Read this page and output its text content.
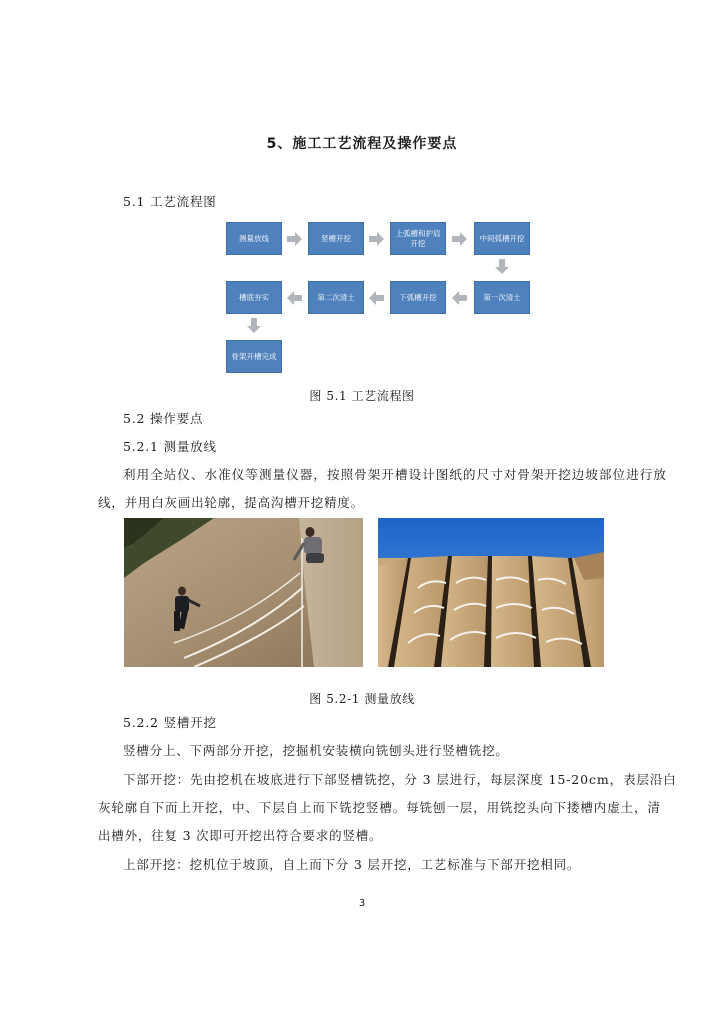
5、施工工艺流程及操作要点
5.1 工艺流程图
测量放线	竖槽开挖
上弧槽和护肩开挖
中间弧槽开挖
第一次清土
下弧槽开挖
第二次清土
槽底夯实
骨架开槽完成
图 5.1 工艺流程图
5.2 操作要点
5.2.1 测量放线
利用全站仪、水准仪等测量仪器，按照骨架开槽设计图纸的尺寸对骨架开挖边坡部位进行放
线，并用白灰画出轮廓，提高沟槽开挖精度。
图 5.2-1 测量放线
5.2.2 竖槽开挖
竖槽分上、下两部分开挖，挖掘机安装横向铣刨头进行竖槽铣挖。
下部开挖：先由挖机在坡底进行下部竖槽铣挖，分 3 层进行，每层深度 15-20cm，表层沿白
灰轮廓自下而上开挖，中、下层自上而下铣挖竖槽。每铣刨一层，用铣挖头向下搂槽内虚土，清
出槽外，往复 3 次即可开挖出符合要求的竖槽。
上部开挖：挖机位于坡顶，自上而下分 3 层开挖，工艺标准与下部开挖相同。
3
